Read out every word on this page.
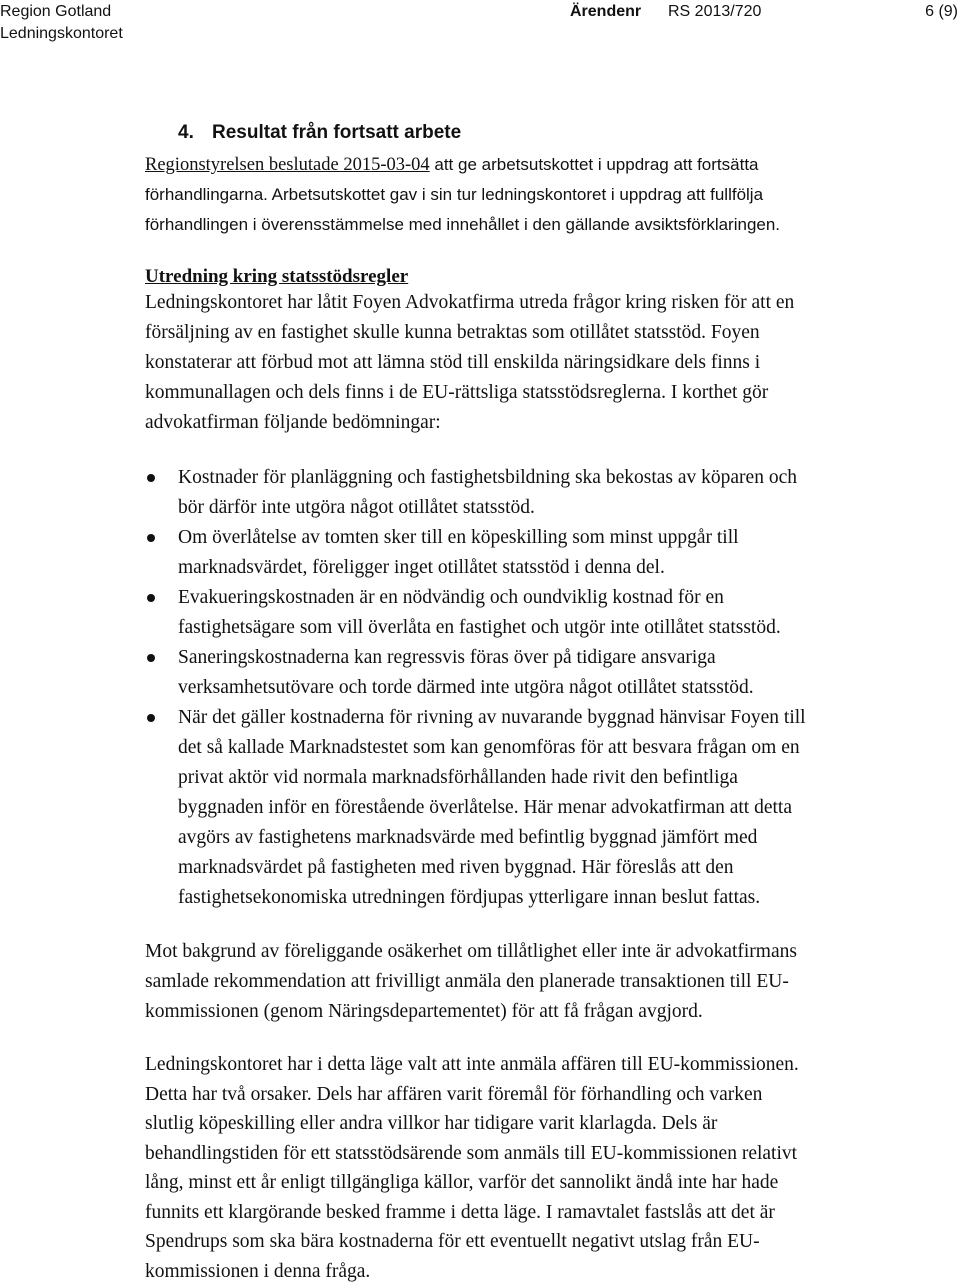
Region Gotland
Ledningskontoret
Ärendenr RS 2013/720	6 (9)
4. Resultat från fortsatt arbete
Regionstyrelsen beslutade 2015-03-04 att ge arbetsutskottet i uppdrag att fortsätta
förhandlingarna. Arbetsutskottet gav i sin tur ledningskontoret i uppdrag att fullfölja
förhandlingen i överensstämmelse med innehållet i den gällande avsiktsförklaringen.
Utredning kring statsstödsregler
Ledningskontoret har låtit Foyen Advokatfirma utreda frågor kring risken för att en
försäljning av en fastighet skulle kunna betraktas som otillåtet statsstöd. Foyen
konstaterar att förbud mot att lämna stöd till enskilda näringsidkare dels finns i
kommunallagen och dels finns i de EU-rättsliga statsstödsreglerna. I korthet gör
advokatfirman följande bedömningar:
Kostnader för planläggning och fastighetsbildning ska bekostas av köparen och
bör därför inte utgöra något otillåtet statsstöd.
Om överlåtelse av tomten sker till en köpeskilling som minst uppgår till
marknadsvärdet, föreligger inget otillåtet statsstöd i denna del.
Evakueringskostnaden är en nödvändig och oundviklig kostnad för en
fastighetsägare som vill överlåta en fastighet och utgör inte otillåtet statsstöd.
Saneringskostnaderna kan regressvis föras över på tidigare ansvariga
verksamhetsutövare och torde därmed inte utgöra något otillåtet statsstöd.
När det gäller kostnaderna för rivning av nuvarande byggnad hänvisar Foyen till
det så kallade Marknadstestet som kan genomföras för att besvara frågan om en
privat aktör vid normala marknadsförhållanden hade rivit den befintliga
byggnaden inför en förestående överlåtelse. Här menar advokatfirman att detta
avgörs av fastighetens marknadsvärde med befintlig byggnad jämfört med
marknadsvärdet på fastigheten med riven byggnad. Här föreslås att den
fastighetsekonomiska utredningen fördjupas ytterligare innan beslut fattas.
Mot bakgrund av föreliggande osäkerhet om tillåtlighet eller inte är advokatfirmans
samlade rekommendation att frivilligt anmäla den planerade transaktionen till EU-
kommissionen (genom Näringsdepartementet) för att få frågan avgjord.
Ledningskontoret har i detta läge valt att inte anmäla affären till EU-kommissionen.
Detta har två orsaker. Dels har affären varit föremål för förhandling och varken
slutlig köpeskilling eller andra villkor har tidigare varit klarlagda. Dels är
behandlingstiden för ett statsstödsärende som anmäls till EU-kommissionen relativt
lång, minst ett år enligt tillgängliga källor, varför det sannolikt ändå inte har hade
funnits ett klargörande besked framme i detta läge. I ramavtalet fastslås att det är
Spendrups som ska bära kostnaderna för ett eventuellt negativt utslag från EU-
kommissionen i denna fråga.
